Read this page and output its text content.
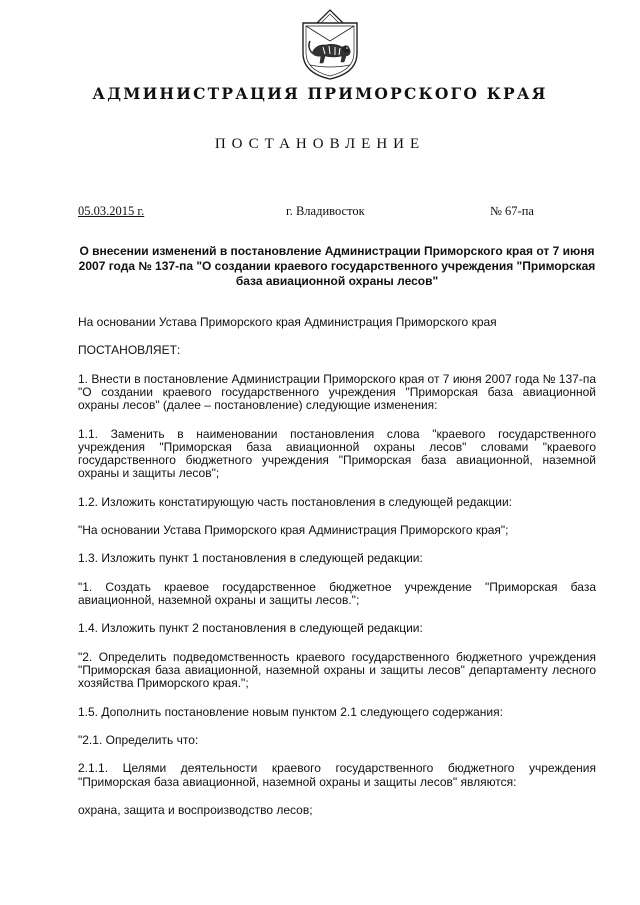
АДМИНИСТРАЦИЯ ПРИМОРСКОГО КРАЯ
ПОСТАНОВЛЕНИЕ
05.03.2015 г.	г. Владивосток	№ 67-па
О внесении изменений в постановление Администрации Приморского края от 7 июня 2007 года № 137-па "О создании краевого государственного учреждения "Приморская база авиационной охраны лесов"

На основании Устава Приморского края Администрация Приморского края

ПОСТАНОВЛЯЕТ:

1. Внести в постановление Администрации Приморского края от 7 июня 2007 года № 137-па "О создании краевого государственного учреждения "Приморская база авиационной охраны лесов" (далее – постановление) следующие изменения:

1.1. Заменить в наименовании постановления слова "краевого государственного учреждения "Приморская база авиационной охраны лесов" словами "краевого государственного бюджетного учреждения "Приморская база авиационной, наземной охраны и защиты лесов";

1.2. Изложить констатирующую часть постановления в следующей редакции:

"На основании Устава Приморского края Администрация Приморского края";

1.3. Изложить пункт 1 постановления в следующей редакции:

"1. Создать краевое государственное бюджетное учреждение "Приморская база авиационной, наземной охраны и защиты лесов.";

1.4. Изложить пункт 2 постановления в следующей редакции:

"2. Определить подведомственность краевого государственного бюджетного учреждения "Приморская база авиационной, наземной охраны и защиты лесов" департаменту лесного хозяйства Приморского края.";

1.5. Дополнить постановление новым пунктом 2.1 следующего содержания:

"2.1. Определить что:

2.1.1. Целями деятельности краевого государственного бюджетного учреждения "Приморская база авиационной, наземной охраны и защиты лесов" являются:

охрана, защита и воспроизводство лесов;
